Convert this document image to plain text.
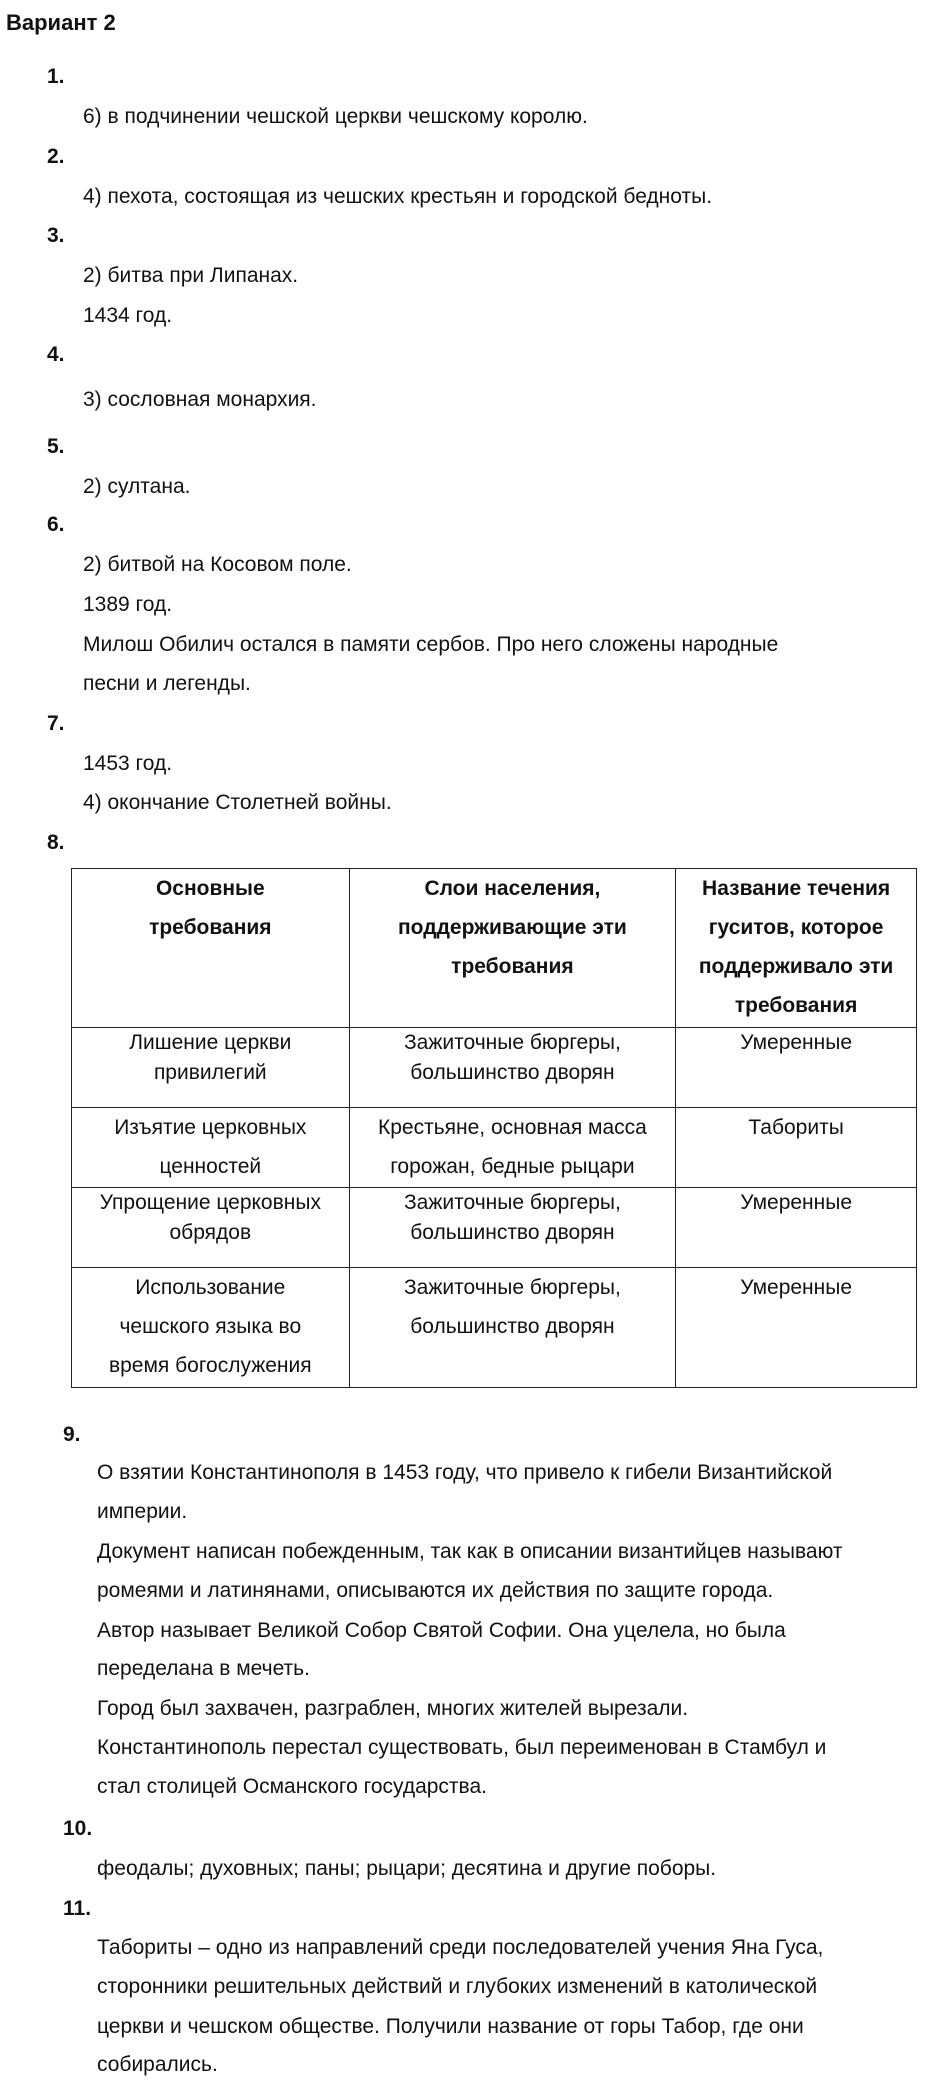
Вариант 2
1.
6) в подчинении чешской церкви чешскому королю.
2.
4) пехота, состоящая из чешских крестьян и городской бедноты.
3.
2) битва при Липанах.
1434 год.
4.
3) сословная монархия.
5.
2) султана.
6.
2) битвой на Косовом поле.
1389 год.
Милош Обилич остался в памяти сербов. Про него сложены народные
песни и легенды.
7.
1453 год.
4) окончание Столетней войны.
8.
Основные
требования	Слои населения,
поддерживающие эти
требования	Название течения
гуситов, которое
поддерживало эти
требования

Лишение церкви
привилегий	Зажиточные бюргеры,
большинство дворян	Умеренные

Изъятие церковных
ценностей	Крестьяне, основная масса
горожан, бедные рыцари	Табориты

Упрощение церковных
обрядов	Зажиточные бюргеры,
большинство дворян	Умеренные

Использование
чешского языка во
время богослужения	Зажиточные бюргеры,
большинство дворян	Умеренные
9.
О взятии Константинополя в 1453 году, что привело к гибели Византийской
империи.
Документ написан побежденным, так как в описании византийцев называют
ромеями и латинянами, описываются их действия по защите города.
Автор называет Великой Собор Святой Софии. Она уцелела, но была
переделана в мечеть.
Город был захвачен, разграблен, многих жителей вырезали.
Константинополь перестал существовать, был переименован в Стамбул и
стал столицей Османского государства.
10.
феодалы; духовных; паны; рыцари; десятина и другие поборы.
11.
Табориты – одно из направлений среди последователей учения Яна Гуса,
сторонники решительных действий и глубоких изменений в католической
церкви и чешском обществе. Получили название от горы Табор, где они
собирались.
